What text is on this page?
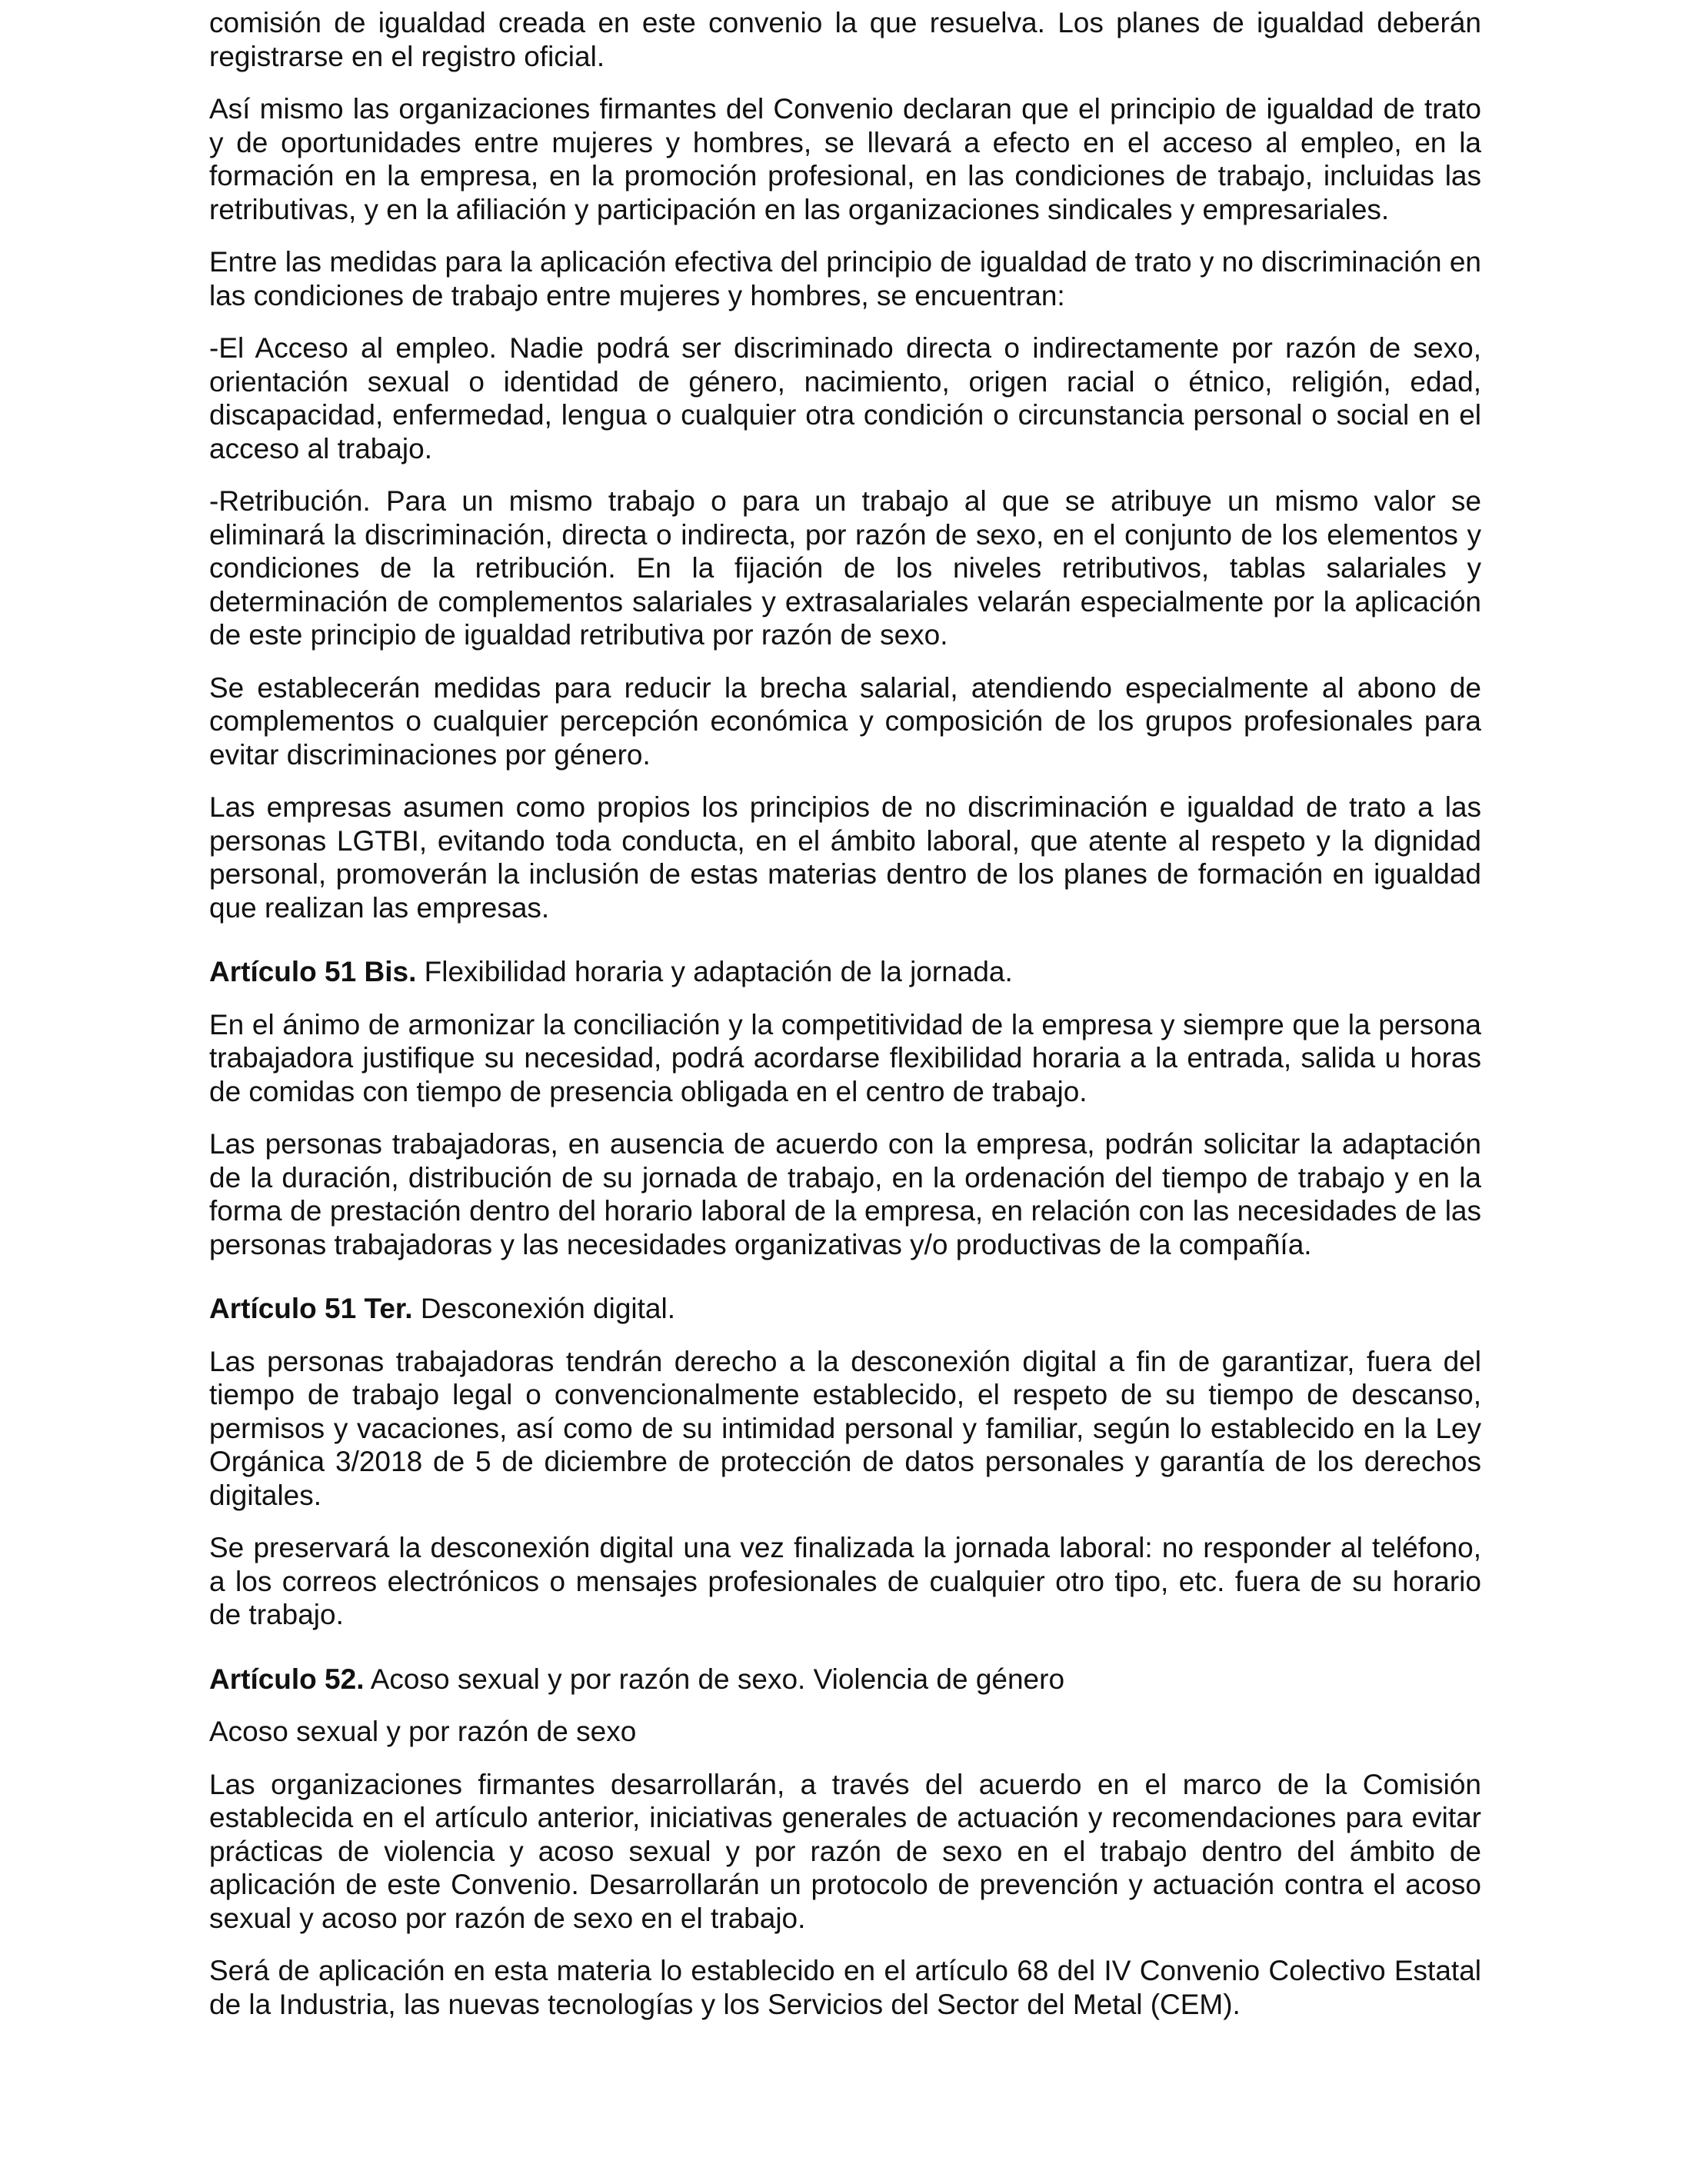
comisión de igualdad creada en este convenio la que resuelva. Los planes de igualdad deberán registrarse en el registro oficial.

Así mismo las organizaciones firmantes del Convenio declaran que el principio de igualdad de trato y de oportunidades entre mujeres y hombres, se llevará a efecto en el acceso al empleo, en la formación en la empresa, en la promoción profesional, en las condiciones de trabajo, incluidas las retributivas, y en la afiliación y participación en las organizaciones sindicales y empresariales.

Entre las medidas para la aplicación efectiva del principio de igualdad de trato y no discriminación en las condiciones de trabajo entre mujeres y hombres, se encuentran:

-El Acceso al empleo. Nadie podrá ser discriminado directa o indirectamente por razón de sexo, orientación sexual o identidad de género, nacimiento, origen racial o étnico, religión, edad, discapacidad, enfermedad, lengua o cualquier otra condición o circunstancia personal o social en el acceso al trabajo.

-Retribución. Para un mismo trabajo o para un trabajo al que se atribuye un mismo valor se eliminará la discriminación, directa o indirecta, por razón de sexo, en el conjunto de los elementos y condiciones de la retribución. En la fijación de los niveles retributivos, tablas salariales y determinación de complementos salariales y extrasalariales velarán especialmente por la aplicación de este principio de igualdad retributiva por razón de sexo.

Se establecerán medidas para reducir la brecha salarial, atendiendo especialmente al abono de complementos o cualquier percepción económica y composición de los grupos profesionales para evitar discriminaciones por género.

Las empresas asumen como propios los principios de no discriminación e igualdad de trato a las personas LGTBI, evitando toda conducta, en el ámbito laboral, que atente al respeto y la dignidad personal, promoverán la inclusión de estas materias dentro de los planes de formación en igualdad que realizan las empresas.

Artículo 51 Bis. Flexibilidad horaria y adaptación de la jornada.

En el ánimo de armonizar la conciliación y la competitividad de la empresa y siempre que la persona trabajadora justifique su necesidad, podrá acordarse flexibilidad horaria a la entrada, salida u horas de comidas con tiempo de presencia obligada en el centro de trabajo.

Las personas trabajadoras, en ausencia de acuerdo con la empresa, podrán solicitar la adaptación de la duración, distribución de su jornada de trabajo, en la ordenación del tiempo de trabajo y en la forma de prestación dentro del horario laboral de la empresa, en relación con las necesidades de las personas trabajadoras y las necesidades organizativas y/o productivas de la compañía.

Artículo 51 Ter. Desconexión digital.

Las personas trabajadoras tendrán derecho a la desconexión digital a fin de garantizar, fuera del tiempo de trabajo legal o convencionalmente establecido, el respeto de su tiempo de descanso, permisos y vacaciones, así como de su intimidad personal y familiar, según lo establecido en la Ley Orgánica 3/2018 de 5 de diciembre de protección de datos personales y garantía de los derechos digitales.

Se preservará la desconexión digital una vez finalizada la jornada laboral: no responder al teléfono, a los correos electrónicos o mensajes profesionales de cualquier otro tipo, etc. fuera de su horario de trabajo.

Artículo 52. Acoso sexual y por razón de sexo. Violencia de género

Acoso sexual y por razón de sexo

Las organizaciones firmantes desarrollarán, a través del acuerdo en el marco de la Comisión establecida en el artículo anterior, iniciativas generales de actuación y recomendaciones para evitar prácticas de violencia y acoso sexual y por razón de sexo en el trabajo dentro del ámbito de aplicación de este Convenio. Desarrollarán un protocolo de prevención y actuación contra el acoso sexual y acoso por razón de sexo en el trabajo.

Será de aplicación en esta materia lo establecido en el artículo 68 del IV Convenio Colectivo Estatal de la Industria, las nuevas tecnologías y los Servicios del Sector del Metal (CEM).
